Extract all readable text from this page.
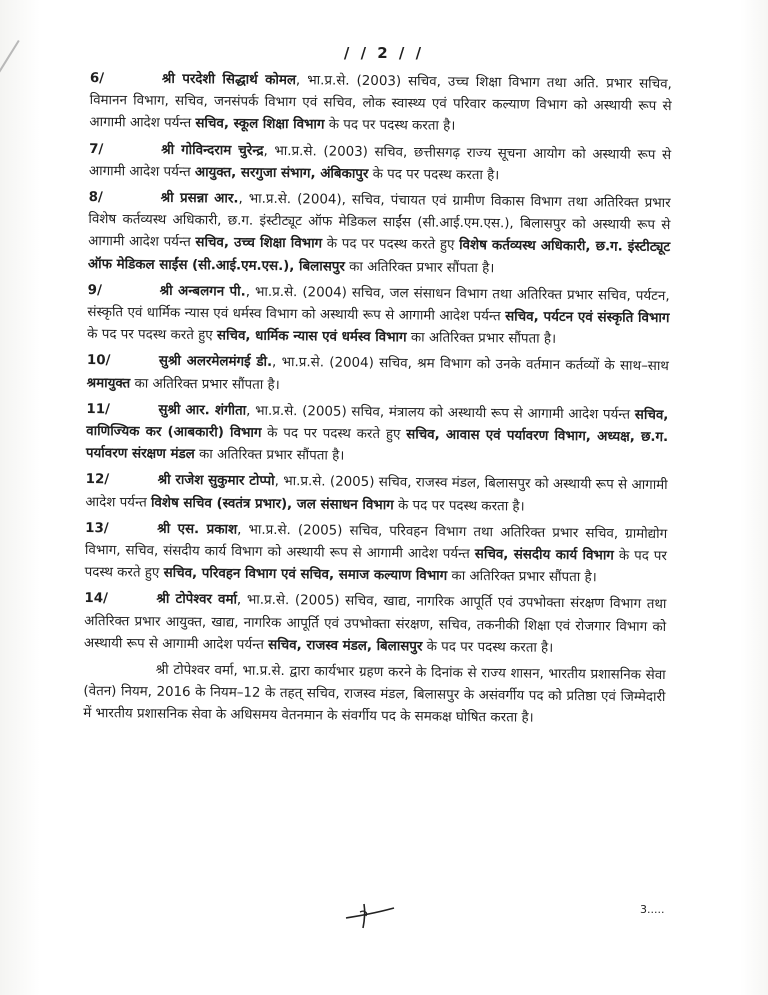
/ / 2 / /
6/	श्री परदेशी सिद्धार्थ कोमल, भा.प्र.से. (2003) सचिव, उच्च शिक्षा विभाग तथा अति. प्रभार सचिव, विमानन विभाग, सचिव, जनसंपर्क विभाग एवं सचिव, लोक स्वास्थ्य एवं परिवार कल्याण विभाग को अस्थायी रूप से आगामी आदेश पर्यन्त सचिव, स्कूल शिक्षा विभाग के पद पर पदस्थ करता है।
7/	श्री गोविन्दराम चुरेन्द्र, भा.प्र.से. (2003) सचिव, छत्तीसगढ़ राज्य सूचना आयोग को अस्थायी रूप से आगामी आदेश पर्यन्त आयुक्त, सरगुजा संभाग, अंबिकापुर के पद पर पदस्थ करता है।
8/	श्री प्रसन्ना आर., भा.प्र.से. (2004), सचिव, पंचायत एवं ग्रामीण विकास विभाग तथा अतिरिक्त प्रभार विशेष कर्तव्यस्थ अधिकारी, छ.ग. इंस्टीट्यूट ऑफ मेडिकल साईंस (सी.आई.एम.एस.), बिलासपुर को अस्थायी रूप से आगामी आदेश पर्यन्त सचिव, उच्च शिक्षा विभाग के पद पर पदस्थ करते हुए विशेष कर्तव्यस्थ अधिकारी, छ.ग. इंस्टीट्यूट ऑफ मेडिकल साईंस (सी.आई.एम.एस.), बिलासपुर का अतिरिक्त प्रभार सौंपता है।
9/	श्री अन्बलगन पी., भा.प्र.से. (2004) सचिव, जल संसाधन विभाग तथा अतिरिक्त प्रभार सचिव, पर्यटन, संस्कृति एवं धार्मिक न्यास एवं धर्मस्व विभाग को अस्थायी रूप से आगामी आदेश पर्यन्त सचिव, पर्यटन एवं संस्कृति विभाग के पद पर पदस्थ करते हुए सचिव, धार्मिक न्यास एवं धर्मस्व विभाग का अतिरिक्त प्रभार सौंपता है।
10/	सुश्री अलरमेलमंगई डी., भा.प्र.से. (2004) सचिव, श्रम विभाग को उनके वर्तमान कर्तव्यों के साथ–साथ श्रमायुक्त का अतिरिक्त प्रभार सौंपता है।
11/	सुश्री आर. शंगीता, भा.प्र.से. (2005) सचिव, मंत्रालय को अस्थायी रूप से आगामी आदेश पर्यन्त सचिव, वाणिज्यिक कर (आबकारी) विभाग के पद पर पदस्थ करते हुए सचिव, आवास एवं पर्यावरण विभाग, अध्यक्ष, छ.ग. पर्यावरण संरक्षण मंडल का अतिरिक्त प्रभार सौंपता है।
12/	श्री राजेश सुकुमार टोप्पो, भा.प्र.से. (2005) सचिव, राजस्व मंडल, बिलासपुर को अस्थायी रूप से आगामी आदेश पर्यन्त विशेष सचिव (स्वतंत्र प्रभार), जल संसाधन विभाग के पद पर पदस्थ करता है।
13/	श्री एस. प्रकाश, भा.प्र.से. (2005) सचिव, परिवहन विभाग तथा अतिरिक्त प्रभार सचिव, ग्रामोद्योग विभाग, सचिव, संसदीय कार्य विभाग को अस्थायी रूप से आगामी आदेश पर्यन्त सचिव, संसदीय कार्य विभाग के पद पर पदस्थ करते हुए सचिव, परिवहन विभाग एवं सचिव, समाज कल्याण विभाग का अतिरिक्त प्रभार सौंपता है।
14/	श्री टोपेश्वर वर्मा, भा.प्र.से. (2005) सचिव, खाद्य, नागरिक आपूर्ति एवं उपभोक्ता संरक्षण विभाग तथा अतिरिक्त प्रभार आयुक्त, खाद्य, नागरिक आपूर्ति एवं उपभोक्ता संरक्षण, सचिव, तकनीकी शिक्षा एवं रोजगार विभाग को अस्थायी रूप से आगामी आदेश पर्यन्त सचिव, राजस्व मंडल, बिलासपुर के पद पर पदस्थ करता है।
श्री टोपेश्वर वर्मा, भा.प्र.से. द्वारा कार्यभार ग्रहण करने के दिनांक से राज्य शासन, भारतीय प्रशासनिक सेवा (वेतन) नियम, 2016 के नियम–12 के तहत् सचिव, राजस्व मंडल, बिलासपुर के असंवर्गीय पद को प्रतिष्ठा एवं जिम्मेदारी में भारतीय प्रशासनिक सेवा के अधिसमय वेतनमान के संवर्गीय पद के समकक्ष घोषित करता है।
3.....
